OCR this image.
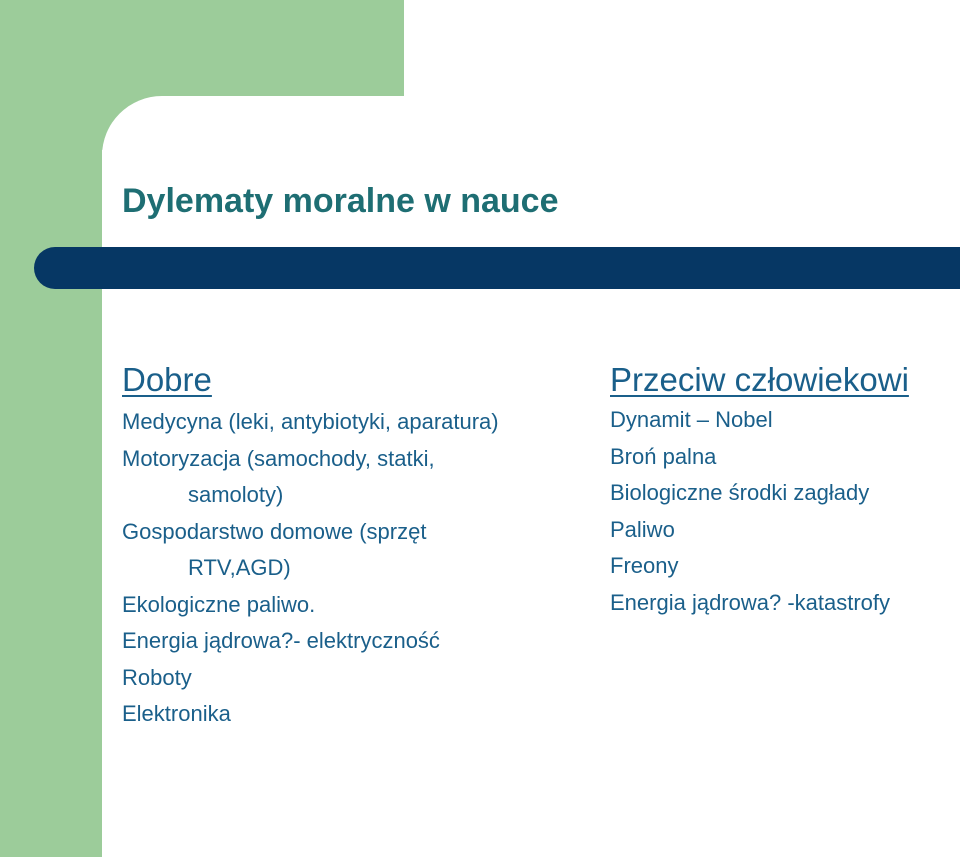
Dylematy moralne w nauce
Dobre
Medycyna (leki, antybiotyki, aparatura)
Motoryzacja (samochody, statki,
samoloty)
Gospodarstwo domowe (sprzęt
RTV,AGD)
Ekologiczne paliwo.
Energia jądrowa?- elektryczność
Roboty
Elektronika
Przeciw człowiekowi
Dynamit – Nobel
Broń palna
Biologiczne środki zagłady
Paliwo
Freony
Energia jądrowa? -katastrofy
